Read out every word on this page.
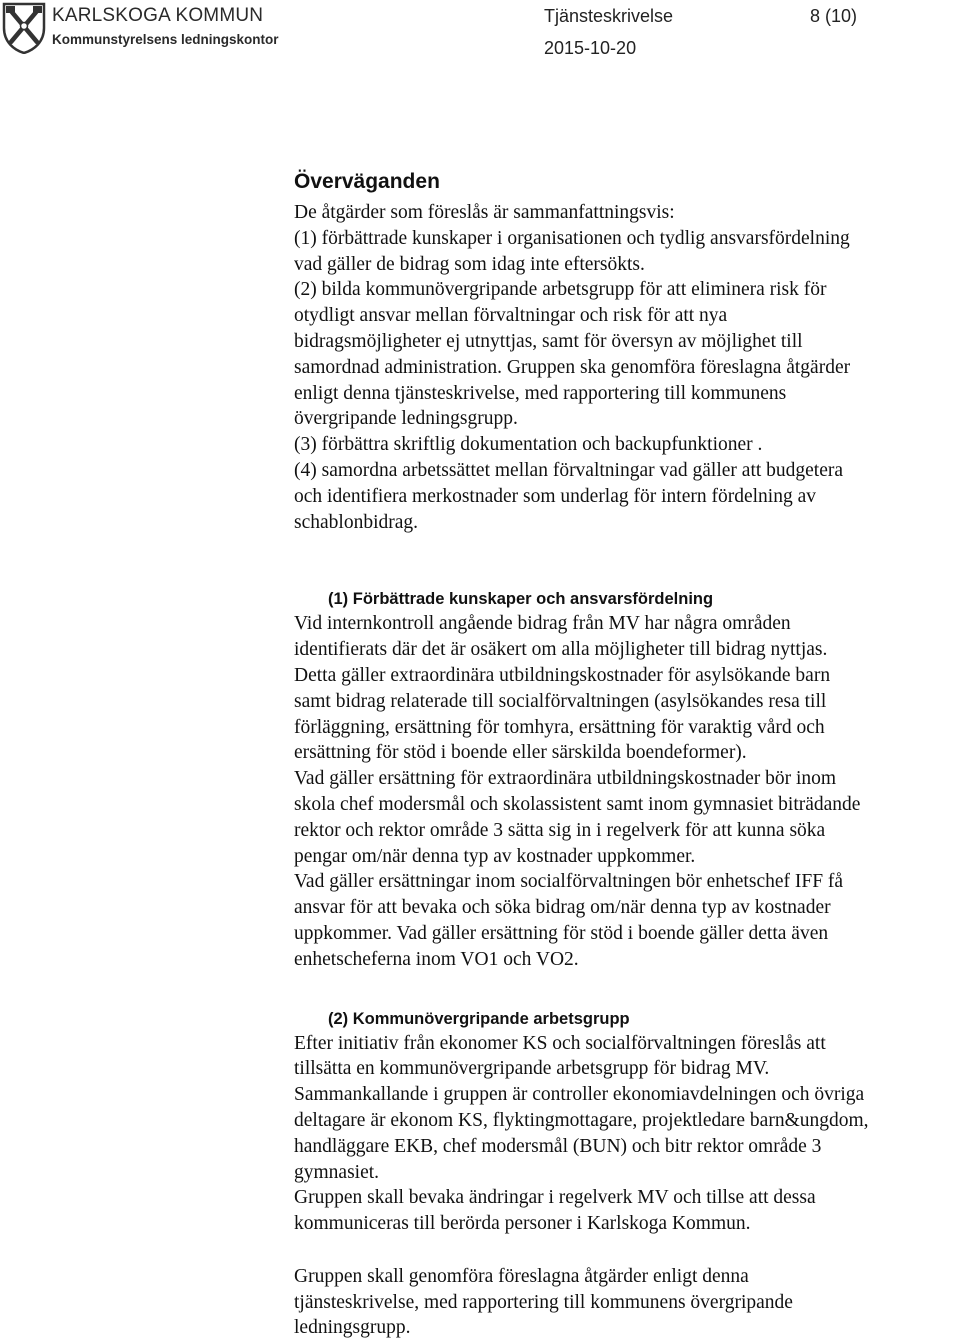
KARLSKOGA KOMMUN
Kommunstyrelsens ledningskontor
Tjänsteskrivelse	8 (10)
2015-10-20
Överväganden

De åtgärder som föreslås är sammanfattningsvis:

(1) förbättrade kunskaper i organisationen och tydlig ansvarsfördelning

vad gäller de bidrag som idag inte eftersökts.

(2) bilda kommunövergripande arbetsgrupp för att eliminera risk för

otydligt ansvar mellan förvaltningar och risk för att nya

bidragsmöjligheter ej utnyttjas, samt för översyn av möjlighet till

samordnad administration. Gruppen ska genomföra föreslagna åtgärder

enligt denna tjänsteskrivelse, med rapportering till kommunens

övergripande ledningsgrupp.

(3) förbättra skriftlig dokumentation och backupfunktioner .

(4) samordna arbetssättet mellan förvaltningar vad gäller att budgetera

och identifiera merkostnader som underlag för intern fördelning av

schablonbidrag.

(1) Förbättrade kunskaper och ansvarsfördelning

Vid internkontroll angående bidrag från MV har några områden

identifierats där det är osäkert om alla möjligheter till bidrag nyttjas.

Detta gäller extraordinära utbildningskostnader för asylsökande barn

samt bidrag relaterade till socialförvaltningen (asylsökandes resa till

förläggning, ersättning för tomhyra, ersättning för varaktig vård och

ersättning för stöd i boende eller särskilda boendeformer).

Vad gäller ersättning för extraordinära utbildningskostnader bör inom

skola chef modersmål och skolassistent samt inom gymnasiet biträdande

rektor och rektor område 3 sätta sig in i regelverk för att kunna söka

pengar om/när denna typ av kostnader uppkommer.

Vad gäller ersättningar inom socialförvaltningen bör enhetschef IFF få

ansvar för att bevaka och söka bidrag om/när denna typ av kostnader

uppkommer. Vad gäller ersättning för stöd i boende gäller detta även

enhetscheferna inom VO1 och VO2.

(2) Kommunövergripande arbetsgrupp

Efter initiativ från ekonomer KS och socialförvaltningen föreslås att

tillsätta en kommunövergripande arbetsgrupp för bidrag MV.

Sammankallande i gruppen är controller ekonomiavdelningen och övriga

deltagare är ekonom KS, flyktingmottagare, projektledare barn&ungdom,

handläggare EKB, chef modersmål (BUN) och bitr rektor område 3

gymnasiet.

Gruppen skall bevaka ändringar i regelverk MV och tillse att dessa

kommuniceras till berörda personer i Karlskoga Kommun.

Gruppen skall genomföra föreslagna åtgärder enligt denna

tjänsteskrivelse, med rapportering till kommunens övergripande

ledningsgrupp.
